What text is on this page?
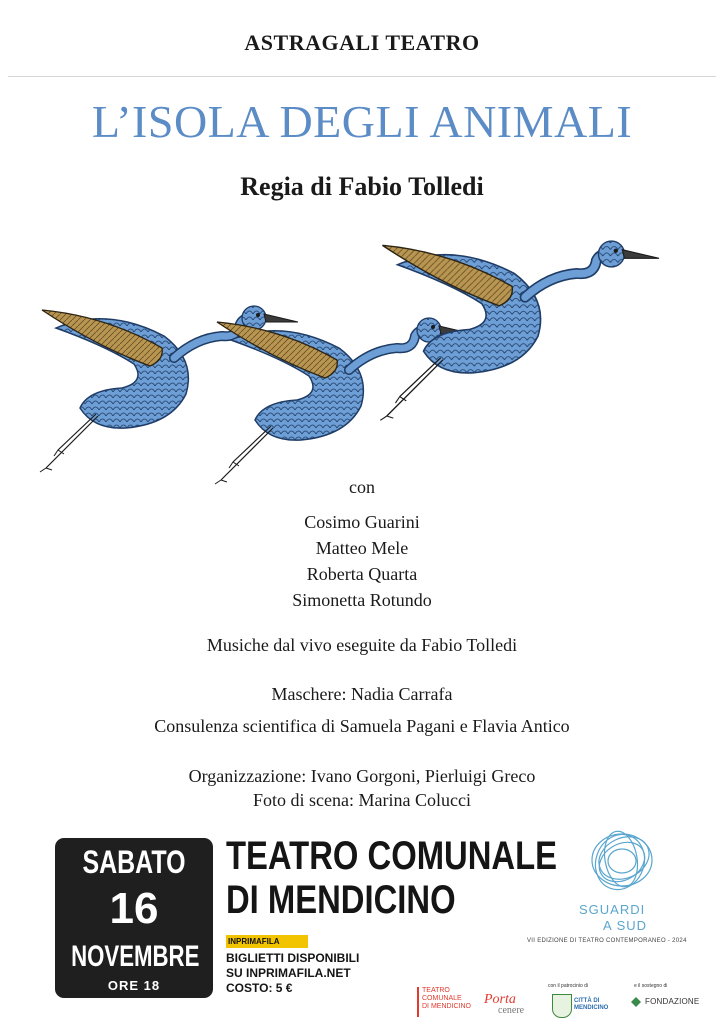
ASTRAGALI TEATRO
L’ISOLA DEGLI ANIMALI
Regia di Fabio Tolledi
con
Cosimo Guarini
Matteo Mele
Roberta Quarta
Simonetta Rotundo
Musiche dal vivo eseguite da Fabio Tolledi
Maschere: Nadia Carrafa
Consulenza scientifica di Samuela Pagani e Flavia Antico
Organizzazione: Ivano Gorgoni, Pierluigi Greco
Foto di scena: Marina Colucci
SABATO
16
NOVEMBRE
ORE 18
TEATRO COMUNALE
DI MENDICINO
INPRIMAFILA
BIGLIETTI DISPONIBILI
SU INPRIMAFILA.NET
COSTO: 5 €
SGUARDI
A SUD
VII EDIZIONE DI TEATRO CONTEMPORANEO - 2024
TEATRO
COMUNALE
DI MENDICINO Porta
cenere
con il patrocinio di
CITTÀ DI
MENDICINO
e il sostegno di
FONDAZIONE
